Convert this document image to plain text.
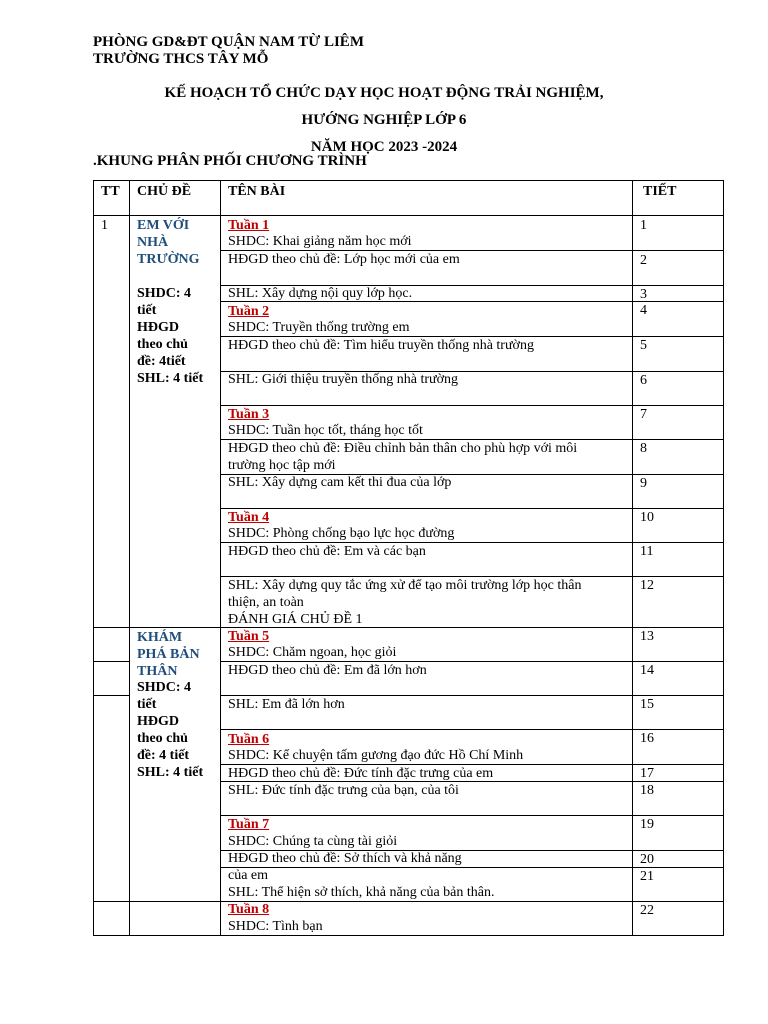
PHÒNG GD&ĐT QUẬN NAM TỪ LIÊM
TRƯỜNG THCS TÂY MỖ
KẾ HOẠCH TỔ CHỨC DẠY HỌC HOẠT ĐỘNG TRẢI NGHIỆM,
HƯỚNG NGHIỆP LỚP 6
NĂM HỌC 2023 -2024
.KHUNG PHÂN PHỐI CHƯƠNG TRÌNH
TT CHỦ ĐỀ	TÊN BÀI	TIẾT
1 EM VỚI
NHÀ
TRƯỜNG
SHDC: 4
tiết
HĐGD
theo chủ
đề: 4tiết
SHL: 4 tiết
KHÁM
PHÁ BẢN
THÂN
SHDC: 4
tiết
HĐGD
theo chủ
đề: 4 tiết
SHL: 4 tiết
Tuần 1
Tuần 2
Tuần 3
Tuần 4
Tuần 5
Tuần 6
Tuần 7
Tuần 8
SHDC: Khai giảng năm học mới
HĐGD theo chủ đề: Lớp học mới của em
SHL: Xây dựng nội quy lớp học.
SHDC: Truyền thống trường em
HĐGD theo chủ đề: Tìm hiểu truyền thống nhà trường
SHL: Giới thiệu truyền thống nhà trường
SHDC: Tuần học tốt, tháng học tốt
HĐGD theo chủ đề: Điều chỉnh bản thân cho phù hợp với môi
trường học tập mới
SHL: Xây dựng cam kết thi đua của lớp
SHDC: Phòng chống bạo lực học đường
HĐGD theo chủ đề: Em và các bạn
SHL: Xây dựng quy tắc ứng xử để tạo môi trường lớp học thân
thiện, an toàn
ĐÁNH GIÁ CHỦ ĐỀ 1
SHDC: Chăm ngoan, học giỏi
HĐGD theo chủ đề: Em đã lớn hơn
SHL: Em đã lớn hơn
SHDC: Kể chuyện tấm gương đạo đức Hồ Chí Minh
HĐGD theo chủ đề: Đức tính đặc trưng của em
SHL: Đức tính đặc trưng của bạn, của tôi
SHDC: Chúng ta cùng tài giỏi
HĐGD theo chủ đề: Sở thích và khả năng
của em
SHL: Thể hiện sở thích, khả năng của bản thân.
SHDC: Tình bạn
1
2
3
4
5
6
7
8
9
10
11
12
13
14
15
16
17
18
19
20
21
22
